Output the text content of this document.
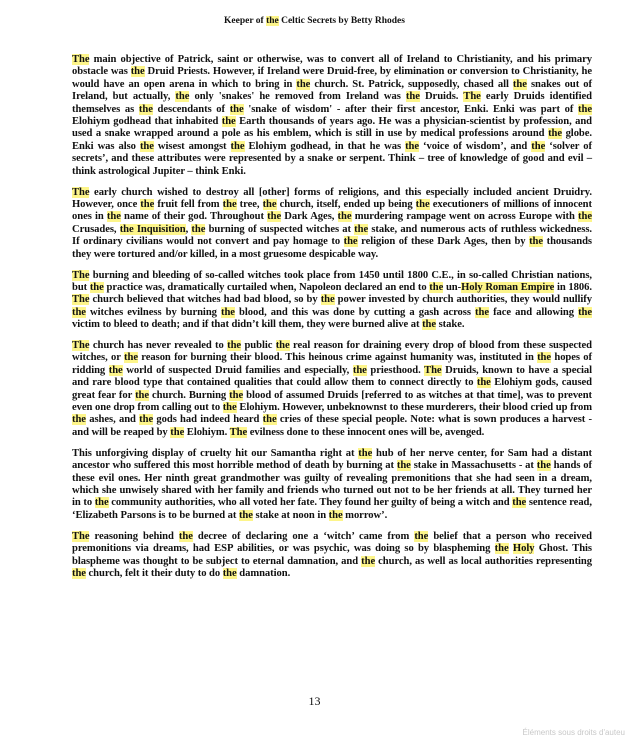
Keeper of the Celtic Secrets by Betty Rhodes

The main objective of Patrick, saint or otherwise, was to convert all of Ireland to Christianity, and his primary obstacle was the Druid Priests. However, if Ireland were Druid-free, by elimination or conversion to Christianity, he would have an open arena in which to bring in the church. St. Patrick, supposedly, chased all the snakes out of Ireland, but actually, the only 'snakes' he removed from Ireland was the Druids. The early Druids identified themselves as the descendants of the 'snake of wisdom' - after their first ancestor, Enki. Enki was part of the Elohiym godhead that inhabited the Earth thousands of years ago. He was a physician-scientist by profession, and used a snake wrapped around a pole as his emblem, which is still in use by medical professions around the globe. Enki was also the wisest amongst the Elohiym godhead, in that he was the ‘voice of wisdom’, and the ‘solver of secrets’, and these attributes were represented by a snake or serpent. Think – tree of knowledge of good and evil – think astrological Jupiter – think Enki.

The early church wished to destroy all [other] forms of religions, and this especially included ancient Druidry. However, once the fruit fell from the tree, the church, itself, ended up being the executioners of millions of innocent ones in the name of their god. Throughout the Dark Ages, the murdering rampage went on across Europe with the Crusades, the Inquisition, the burning of suspected witches at the stake, and numerous acts of ruthless wickedness. If ordinary civilians would not convert and pay homage to the religion of these Dark Ages, then by the thousands they were tortured and/or killed, in a most gruesome despicable way.

The burning and bleeding of so-called witches took place from 1450 until 1800 C.E., in so-called Christian nations, but the practice was, dramatically curtailed when, Napoleon declared an end to the un-Holy Roman Empire in 1806. The church believed that witches had bad blood, so by the power invested by church authorities, they would nullify the witches evilness by burning the blood, and this was done by cutting a gash across the face and allowing the victim to bleed to death; and if that didn’t kill them, they were burned alive at the stake.

The church has never revealed to the public the real reason for draining every drop of blood from these suspected witches, or the reason for burning their blood. This heinous crime against humanity was, instituted in the hopes of ridding the world of suspected Druid families and especially, the priesthood. The Druids, known to have a special and rare blood type that contained qualities that could allow them to connect directly to the Elohiym gods, caused great fear for the church. Burning the blood of assumed Druids [referred to as witches at that time], was to prevent even one drop from calling out to the Elohiym. However, unbeknownst to these murderers, their blood cried up from the ashes, and the gods had indeed heard the cries of these special people. Note: what is sown produces a harvest - and will be reaped by the Elohiym. The evilness done to these innocent ones will be, avenged.

This unforgiving display of cruelty hit our Samantha right at the hub of her nerve center, for Sam had a distant ancestor who suffered this most horrible method of death by burning at the stake in Massachusetts - at the hands of these evil ones. Her ninth great grandmother was guilty of revealing premonitions that she had seen in a dream, which she unwisely shared with her family and friends who turned out not to be her friends at all. They turned her in to the community authorities, who all voted her fate. They found her guilty of being a witch and the sentence read, ‘Elizabeth Parsons is to be burned at the stake at noon in the morrow’.

The reasoning behind the decree of declaring one a ‘witch’ came from the belief that a person who received premonitions via dreams, had ESP abilities, or was psychic, was doing so by blaspheming the Holy Ghost. This blaspheme was thought to be subject to eternal damnation, and the church, as well as local authorities representing the church, felt it their duty to do the damnation.

13
Éléments sous droits d'auteu
